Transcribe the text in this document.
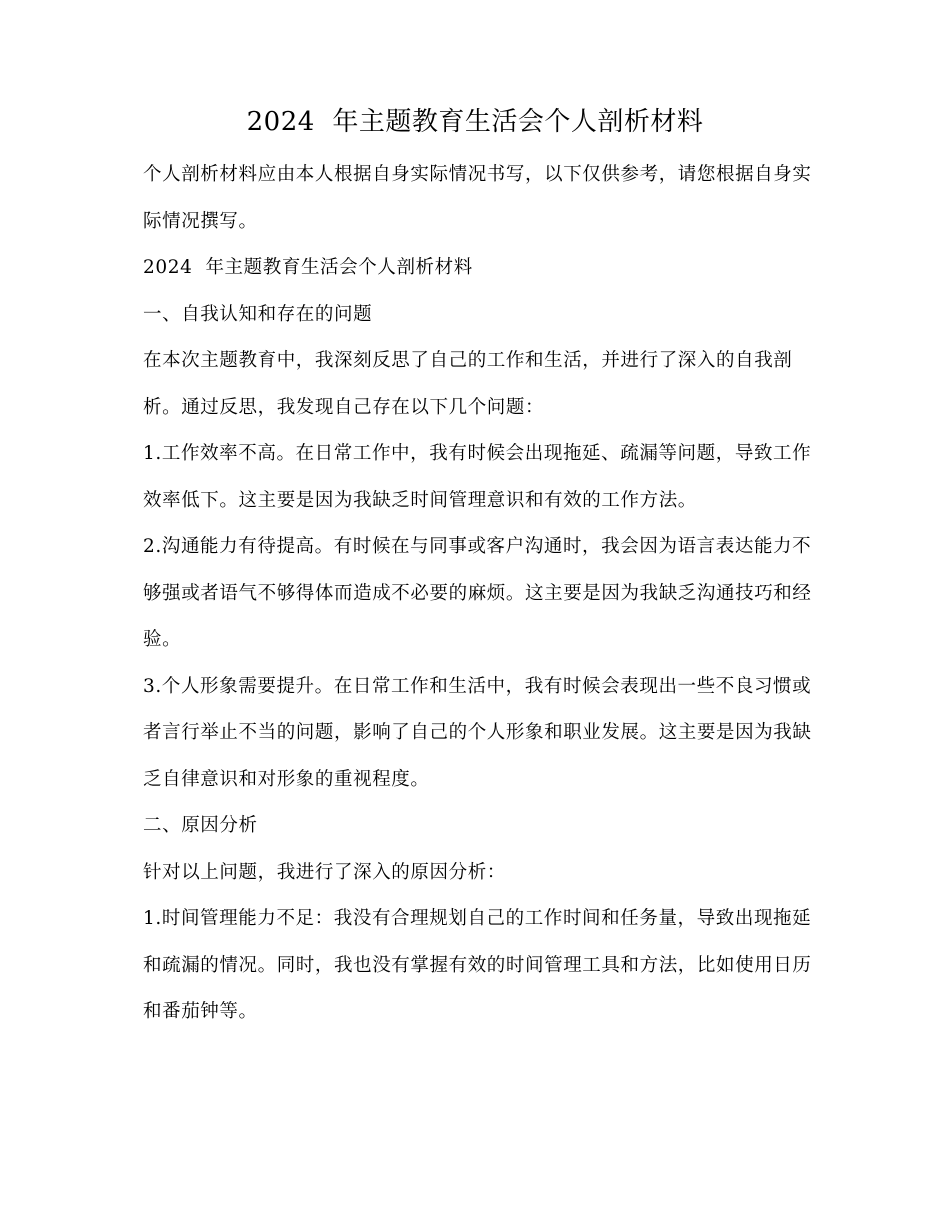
2024  年主题教育生活会个人剖析材料

个人剖析材料应由本人根据自身实际情况书写，以下仅供参考，请您根据自身实际情况撰写。

2024  年主题教育生活会个人剖析材料

一、自我认知和存在的问题

在本次主题教育中，我深刻反思了自己的工作和生活，并进行了深入的自我剖析。通过反思，我发现自己存在以下几个问题：

1.工作效率不高。在日常工作中，我有时候会出现拖延、疏漏等问题，导致工作效率低下。这主要是因为我缺乏时间管理意识和有效的工作方法。

2.沟通能力有待提高。有时候在与同事或客户沟通时，我会因为语言表达能力不够强或者语气不够得体而造成不必要的麻烦。这主要是因为我缺乏沟通技巧和经验。

3.个人形象需要提升。在日常工作和生活中，我有时候会表现出一些不良习惯或者言行举止不当的问题，影响了自己的个人形象和职业发展。这主要是因为我缺乏自律意识和对形象的重视程度。

二、原因分析

针对以上问题，我进行了深入的原因分析：

1.时间管理能力不足：我没有合理规划自己的工作时间和任务量，导致出现拖延和疏漏的情况。同时，我也没有掌握有效的时间管理工具和方法，比如使用日历和番茄钟等。
